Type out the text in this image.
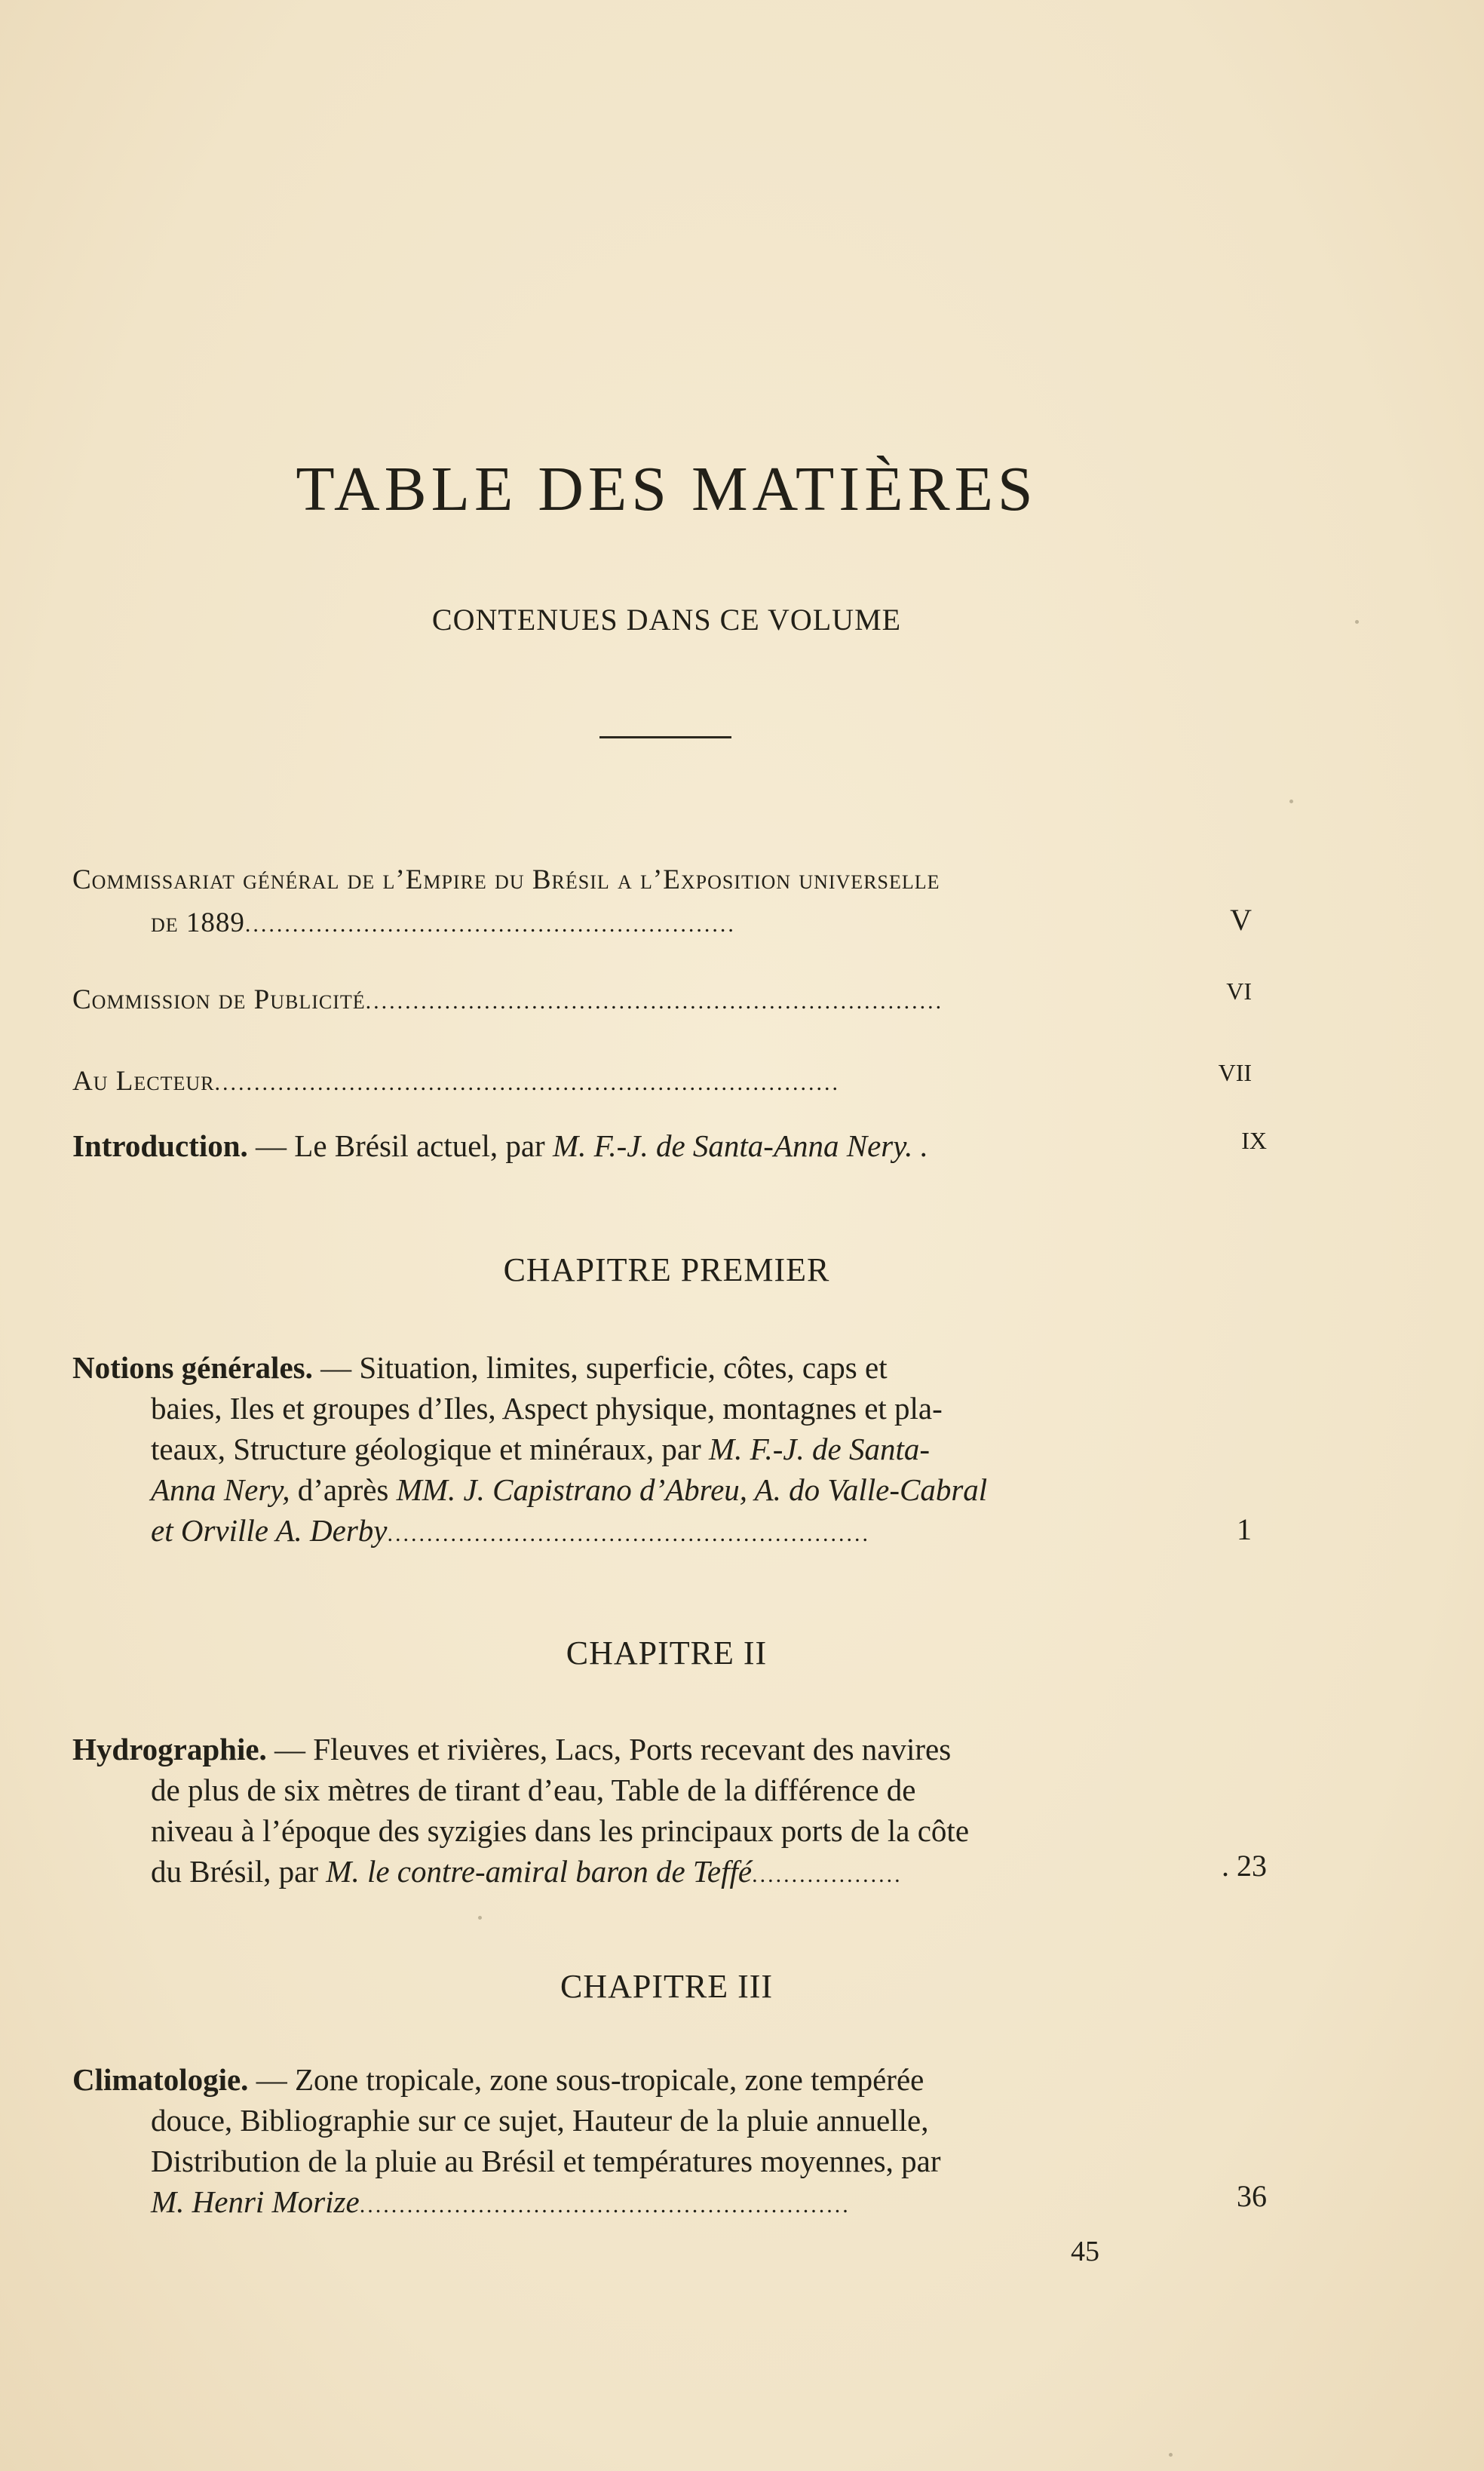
TABLE DES MATIÈRES
CONTENUES DANS CE VOLUME
Commissariat général de l’Empire du Brésil a l’Exposition universelle
de 1889..............................................................	V
Commission de Publicité.........................................................................	VI
Au Lecteur...............................................................................	VII
Introduction. — Le Brésil actuel, par M. F.-J. de Santa-Anna Nery. .	IX
CHAPITRE PREMIER
Notions générales. — Situation, limites, superficie, côtes, caps et
baies, Iles et groupes d’Iles, Aspect physique, montagnes et pla-
teaux, Structure géologique et minéraux, par M. F.-J. de Santa-
Anna Nery, d’après MM. J. Capistrano d’Abreu, A. do Valle-Cabral
et Orville A. Derby.............................................................	1
CHAPITRE II
Hydrographie. — Fleuves et rivières, Lacs, Ports recevant des navires
de plus de six mètres de tirant d’eau, Table de la différence de
niveau à l’époque des syzigies dans les principaux ports de la côte
du Brésil, par M. le contre-amiral baron de Teffé...................	. 23
CHAPITRE III
Climatologie. — Zone tropicale, zone sous-tropicale, zone tempérée
douce, Bibliographie sur ce sujet, Hauteur de la pluie annuelle,
Distribution de la pluie au Brésil et températures moyennes, par
M. Henri Morize..............................................................	36
45
